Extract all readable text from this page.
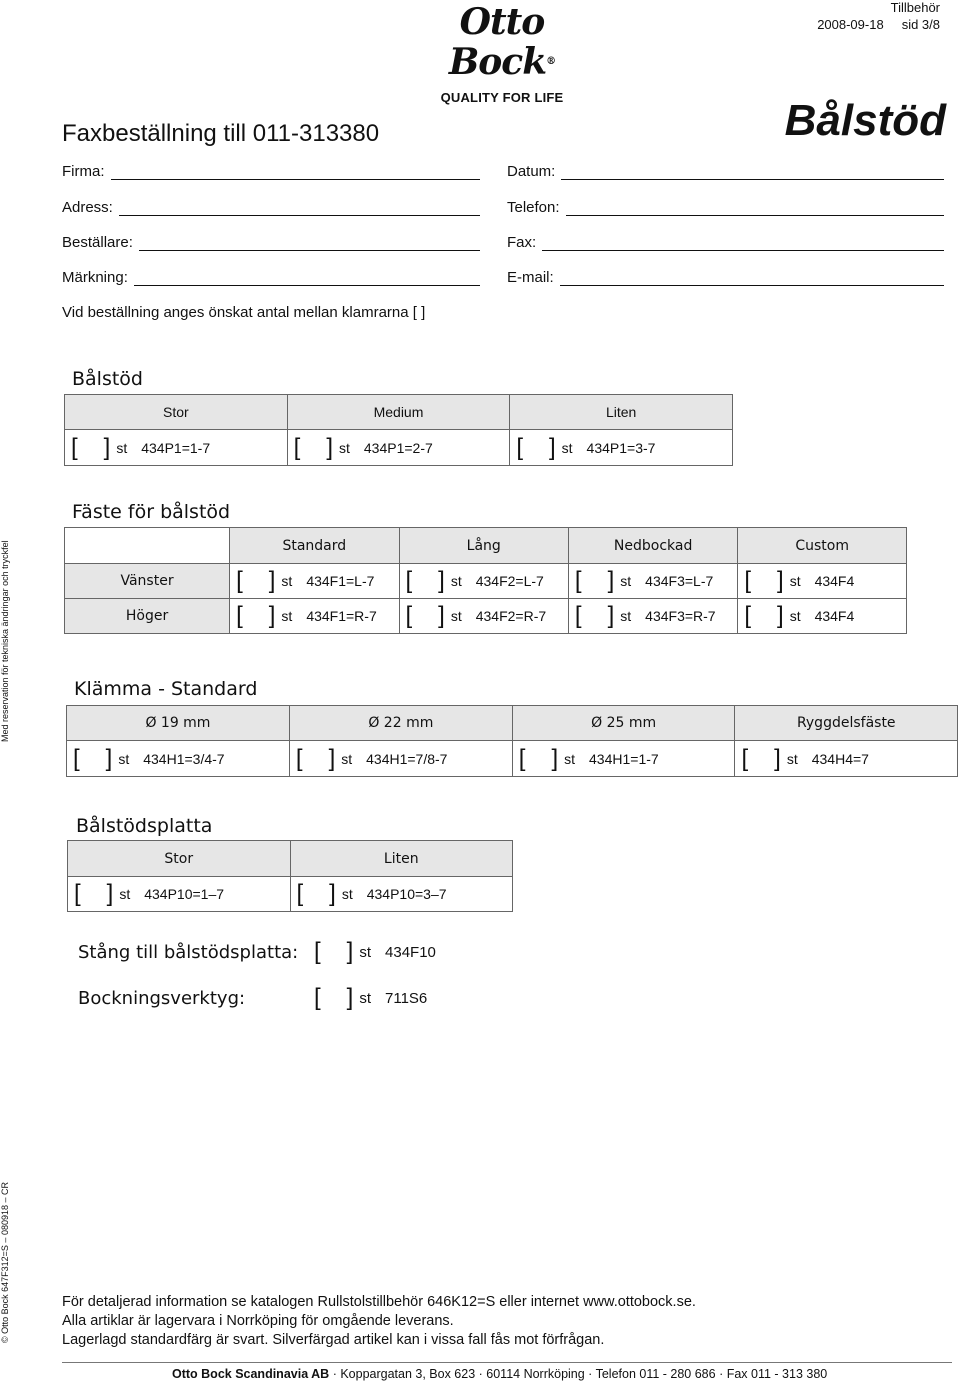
Otto Bock®
QUALITY FOR LIFE
Tillbehör
2008-09-18 sid 3/8
Bålstöd
Faxbeställning till 011-313380
Firma:
Adress:
Beställare:
Märkning:
Datum:
Telefon:
Fax:
E-mail:
Vid beställning anges önskat antal mellan klamrarna [ ]
Bålstöd
Stor	Medium	Liten

[ ] st 434P1=1-7	[ ] st 434P1=2-7	[ ] st 434P1=3-7
Fäste för bålstöd
	Standard	Lång	Nedbockad	Custom
Vänster	[ ] st 434F1=L-7	[ ] st 434F2=L-7	[ ] st 434F3=L-7	[ ] st 434F4

Höger	[ ] st 434F1=R-7	[ ] st 434F2=R-7	[ ] st 434F3=R-7	[ ] st 434F4
Klämma - Standard
Ø 19 mm	Ø 22 mm	Ø 25 mm	Ryggdelsfäste

[ ] st 434H1=3/4-7	[ ] st 434H1=7/8-7	[ ] st 434H1=1-7	[ ] st 434H4=7
Bålstödsplatta
Stor	Liten

[ ] st 434P10=1–7	[ ] st 434P10=3–7
Stång till bålstödsplatta: [ ] st 434F10
Bockningsverktyg:	[ ] st 711S6
För detaljerad information se katalogen Rullstolstillbehör 646K12=S eller internet www.ottobock.se.
Alla artiklar är lagervara i Norrköping för omgående leverans.
Lagerlagd standardfärg är svart. Silverfärgad artikel kan i vissa fall fås mot förfrågan.
Otto Bock Scandinavia AB · Koppargatan 3, Box 623 · 60114 Norrköping · Telefon 011 - 280 686 · Fax 011 - 313 380
Med reservation för tekniska ändringar och tryckfel
© Otto Bock 647F312=S – 080918 – CR
